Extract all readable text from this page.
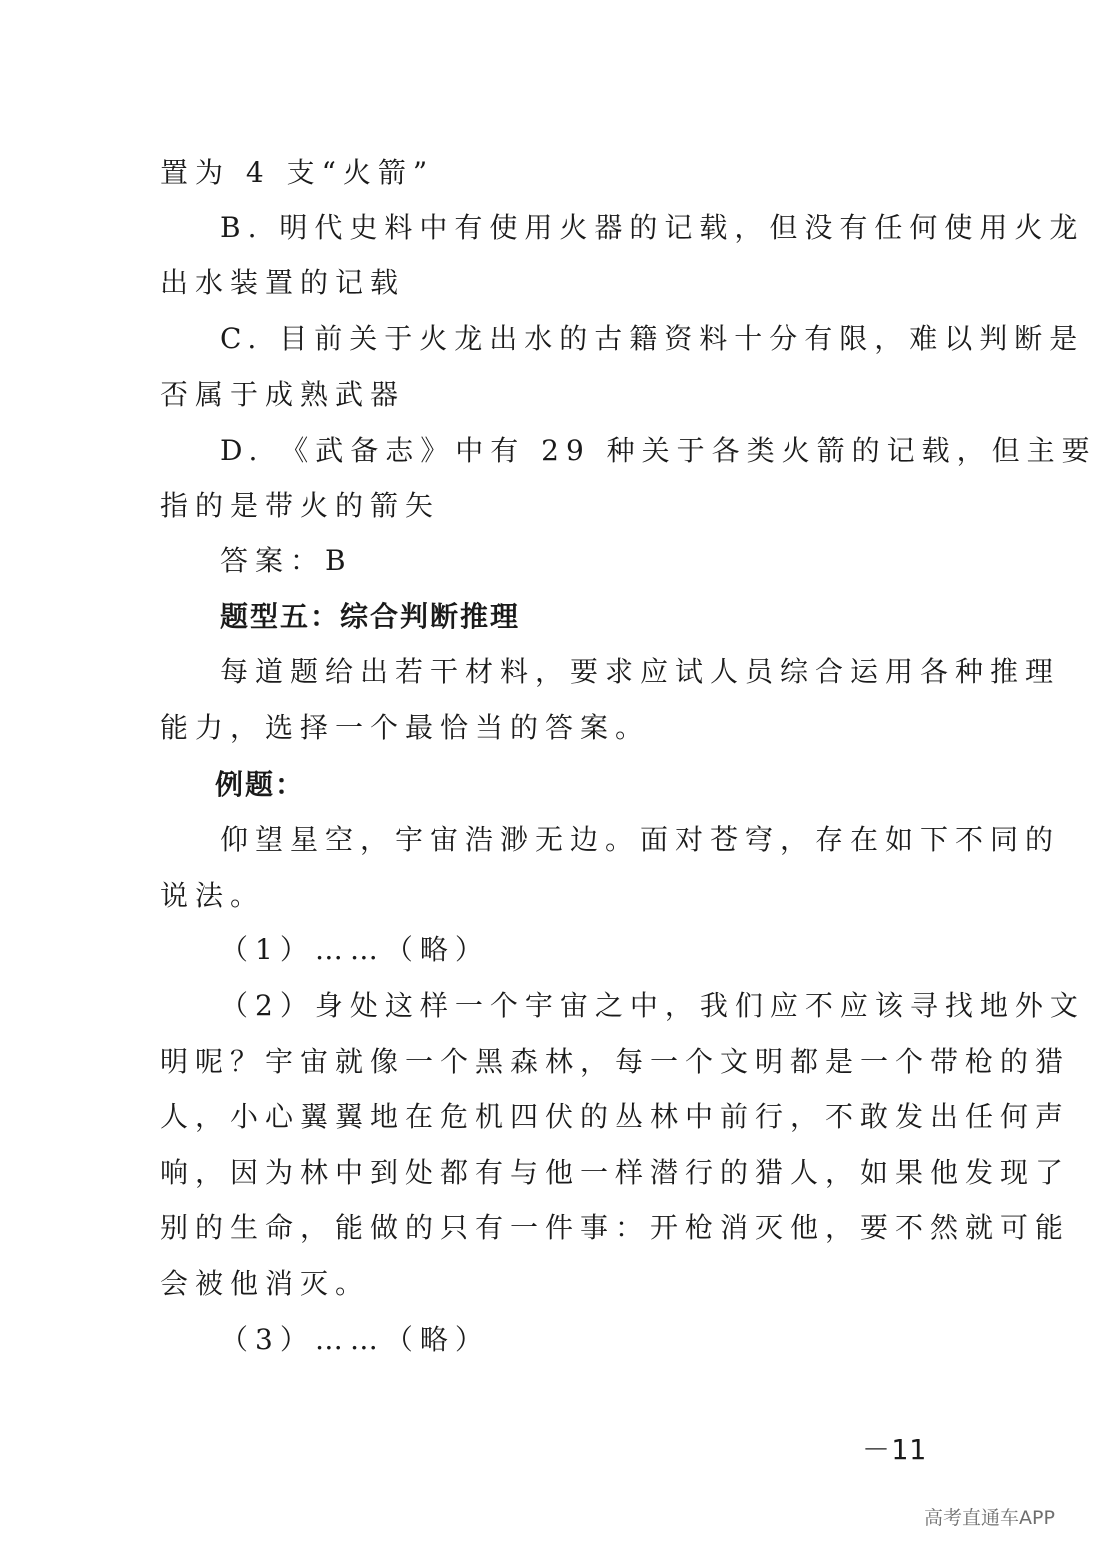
置为 4 支“火箭”
B. 明代史料中有使用火器的记载，但没有任何使用火龙
出水装置的记载
C. 目前关于火龙出水的古籍资料十分有限，难以判断是
否属于成熟武器
D. 《武备志》中有 29 种关于各类火箭的记载，但主要
指的是带火的箭矢
答案：B
题型五：综合判断推理
每道题给出若干材料，要求应试人员综合运用各种推理
能力，选择一个最恰当的答案。
例题：
仰望星空，宇宙浩渺无边。面对苍穹，存在如下不同的
说法。
（1）……（略）
（2）身处这样一个宇宙之中，我们应不应该寻找地外文
明呢？宇宙就像一个黑森林，每一个文明都是一个带枪的猎
人，小心翼翼地在危机四伏的丛林中前行，不敢发出任何声
响，因为林中到处都有与他一样潜行的猎人，如果他发现了
别的生命，能做的只有一件事：开枪消灭他，要不然就可能
会被他消灭。
（3）……（略）
－11
高考直通车APP
